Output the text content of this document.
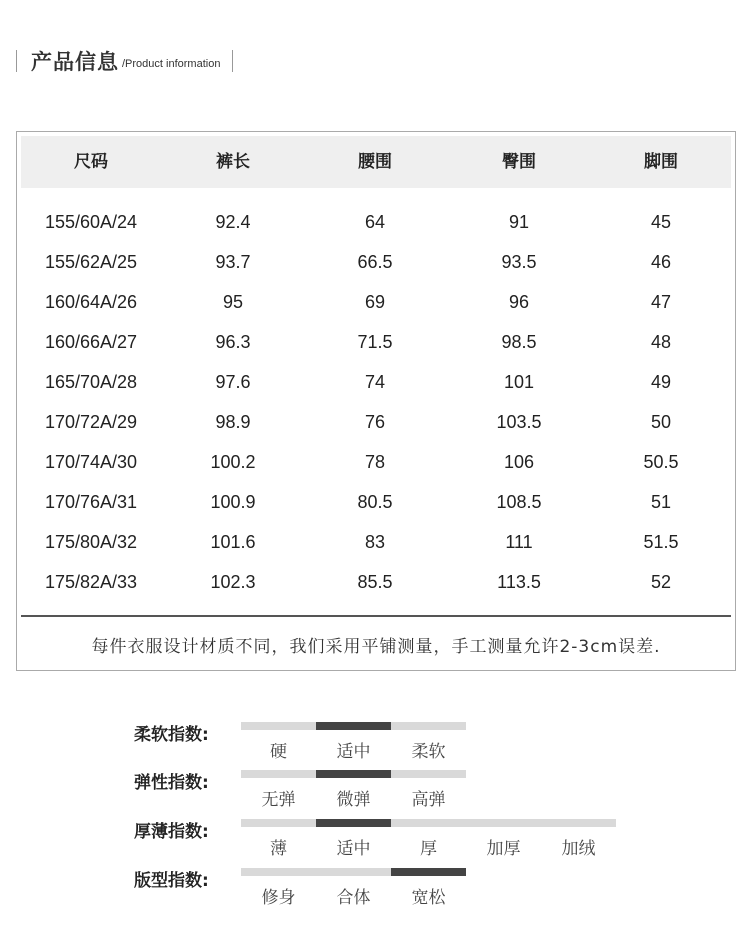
产品信息 /Product information
尺码	裤长	腰围	臀围	脚围
155/60A/24	92.4	64	91	45
155/62A/25	93.7	66.5	93.5	46
160/64A/26	95	69	96	47
160/66A/27	96.3	71.5	98.5	48
165/70A/28	97.6	74	101	49
170/72A/29	98.9	76	103.5	50
170/74A/30	100.2	78	106	50.5
170/76A/31	100.9	80.5	108.5	51
175/80A/32	101.6	83	111	51.5
175/82A/33	102.3	85.5	113.5	52
每件衣服设计材质不同，我们采用平铺测量，手工测量允许2-3cm误差.
柔软指数:
硬	适中	柔软
弹性指数:
无弹	微弹	高弹
厚薄指数:
薄	适中	厚	加厚	加绒
版型指数:
修身	合体	宽松
